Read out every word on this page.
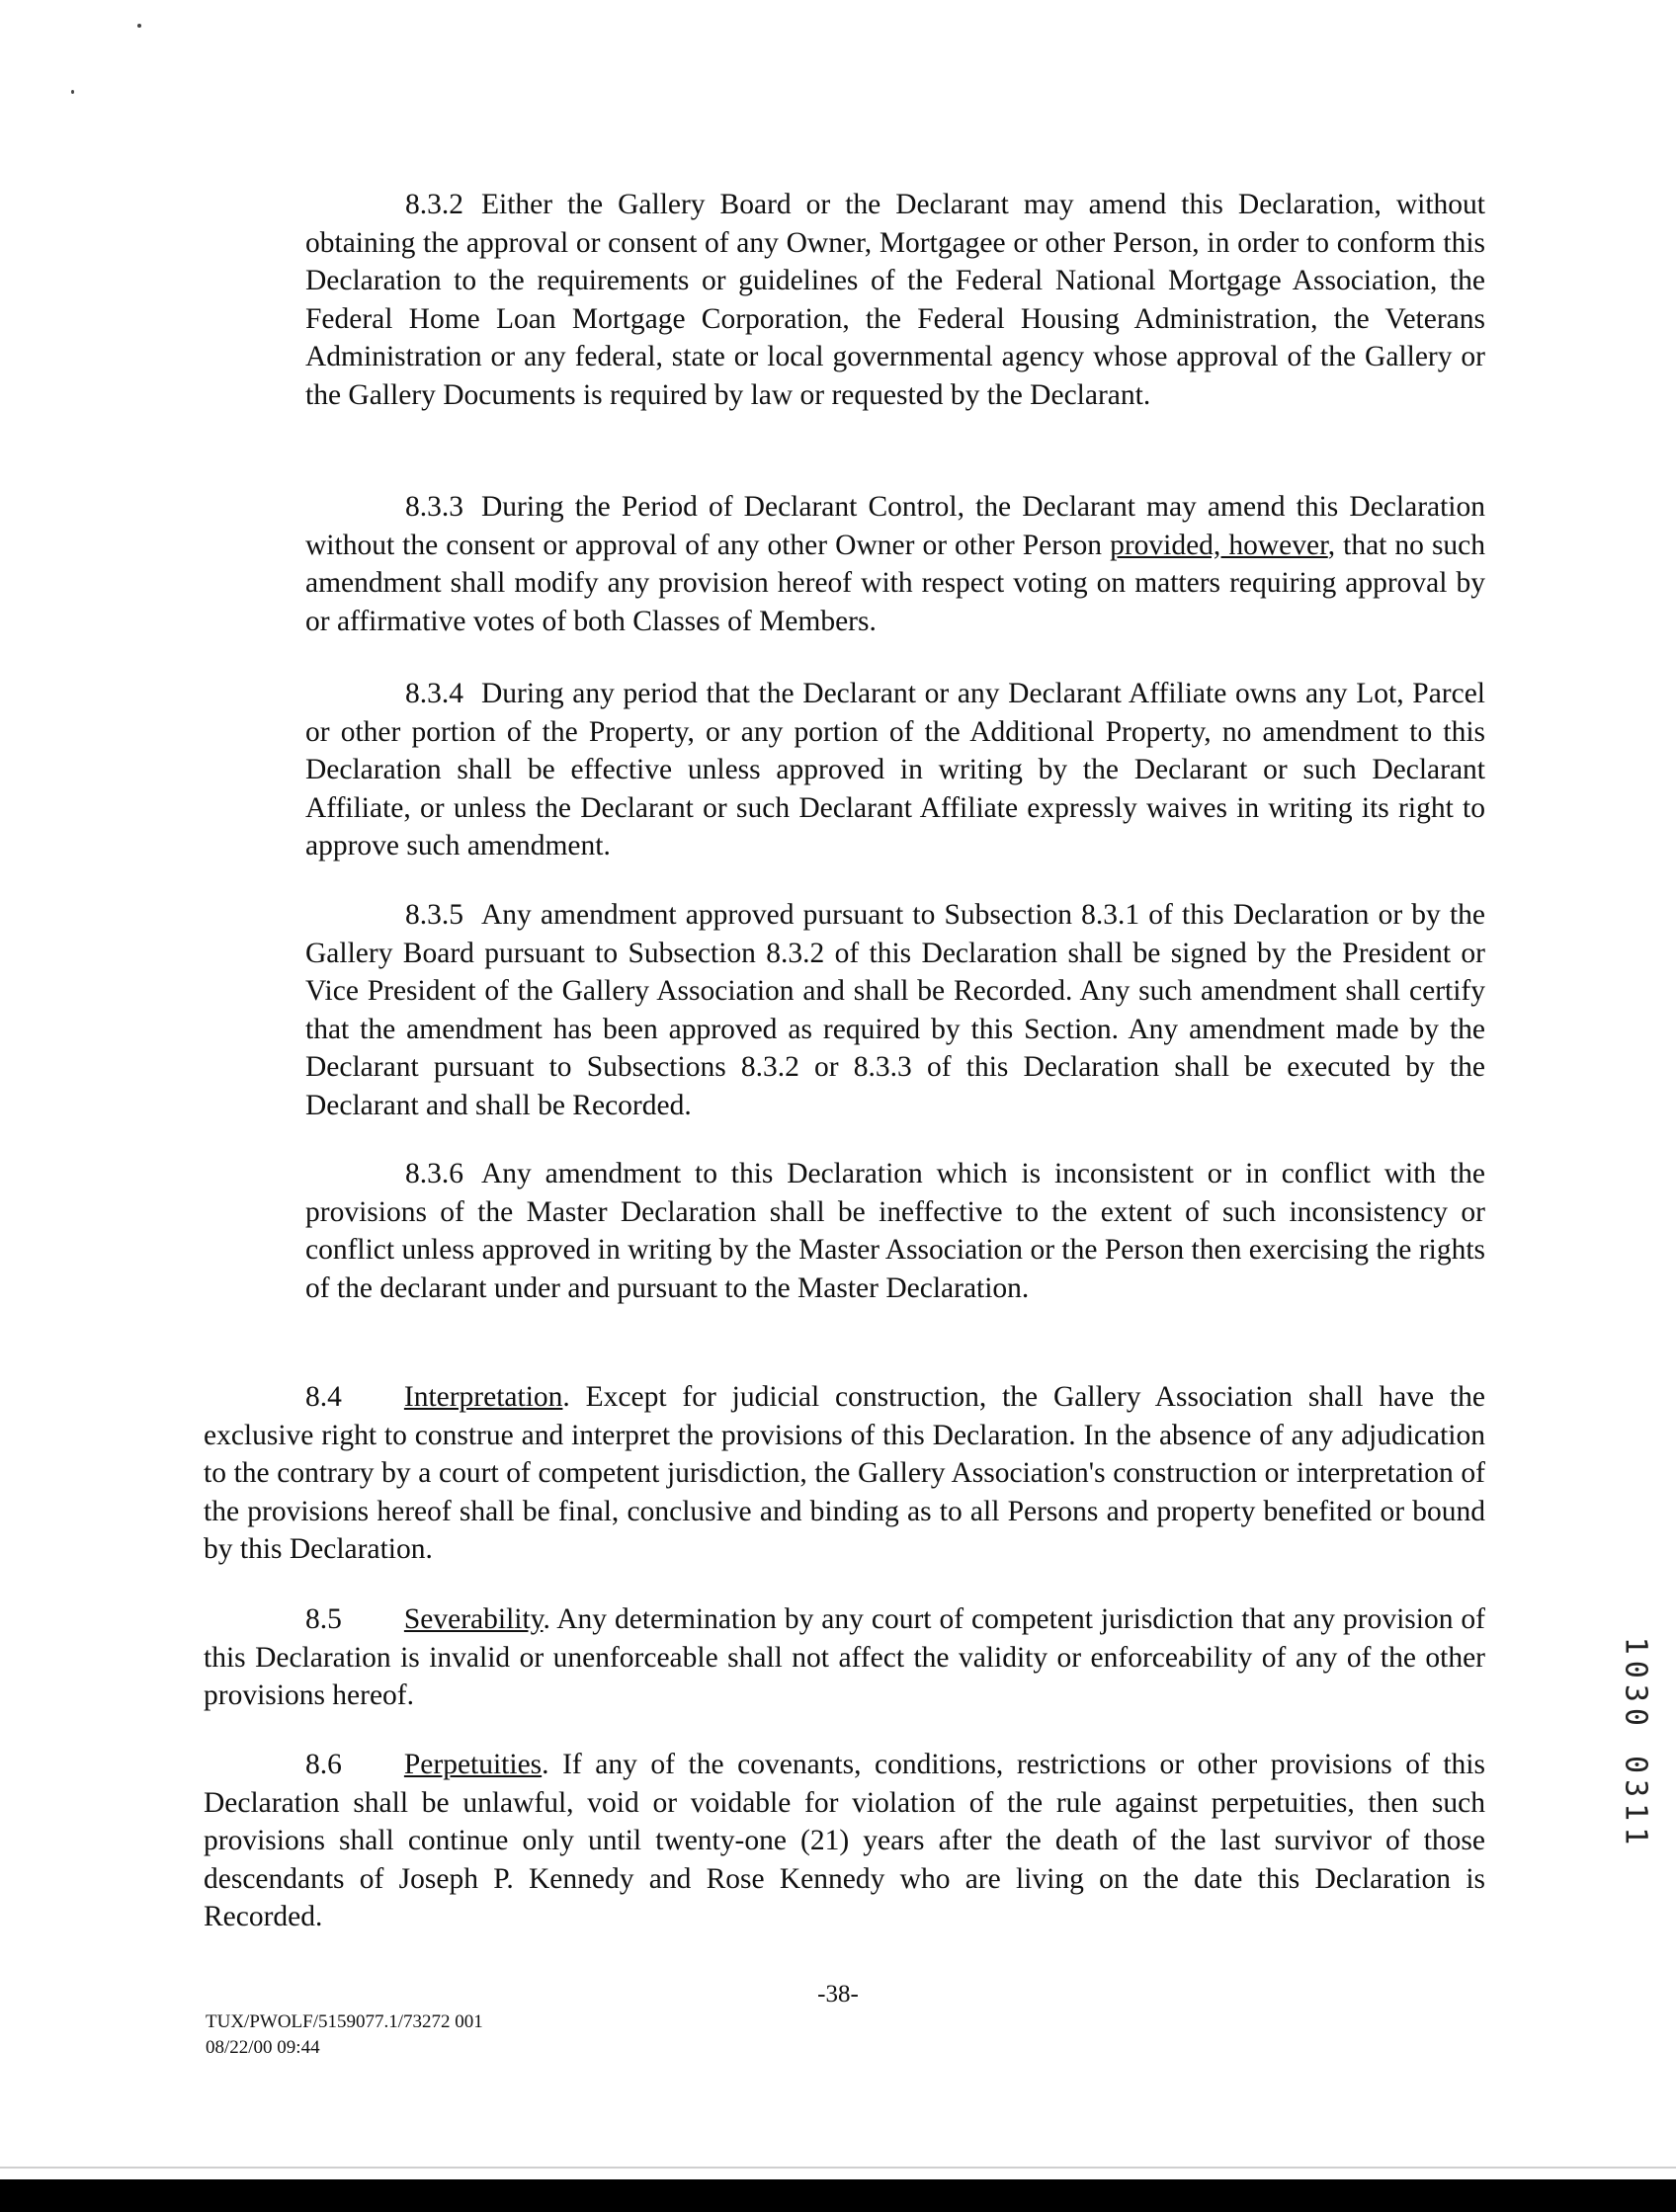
8.3.2 Either the Gallery Board or the Declarant may amend this Declaration, without obtaining the approval or consent of any Owner, Mortgagee or other Person, in order to conform this Declaration to the requirements or guidelines of the Federal National Mortgage Association, the Federal Home Loan Mortgage Corporation, the Federal Housing Administration, the Veterans Administration or any federal, state or local governmental agency whose approval of the Gallery or the Gallery Documents is required by law or requested by the Declarant.

8.3.3 During the Period of Declarant Control, the Declarant may amend this Declaration without the consent or approval of any other Owner or other Person provided, however, that no such amendment shall modify any provision hereof with respect voting on matters requiring approval by or affirmative votes of both Classes of Members.

8.3.4 During any period that the Declarant or any Declarant Affiliate owns any Lot, Parcel or other portion of the Property, or any portion of the Additional Property, no amendment to this Declaration shall be effective unless approved in writing by the Declarant or such Declarant Affiliate, or unless the Declarant or such Declarant Affiliate expressly waives in writing its right to approve such amendment.

8.3.5 Any amendment approved pursuant to Subsection 8.3.1 of this Declaration or by the Gallery Board pursuant to Subsection 8.3.2 of this Declaration shall be signed by the President or Vice President of the Gallery Association and shall be Recorded. Any such amendment shall certify that the amendment has been approved as required by this Section. Any amendment made by the Declarant pursuant to Subsections 8.3.2 or 8.3.3 of this Declaration shall be executed by the Declarant and shall be Recorded.

8.3.6 Any amendment to this Declaration which is inconsistent or in conflict with the provisions of the Master Declaration shall be ineffective to the extent of such inconsistency or conflict unless approved in writing by the Master Association or the Person then exercising the rights of the declarant under and pursuant to the Master Declaration.

8.4 Interpretation. Except for judicial construction, the Gallery Association shall have the exclusive right to construe and interpret the provisions of this Declaration. In the absence of any adjudication to the contrary by a court of competent jurisdiction, the Gallery Association's construction or interpretation of the provisions hereof shall be final, conclusive and binding as to all Persons and property benefited or bound by this Declaration.

8.5 Severability. Any determination by any court of competent jurisdiction that any provision of this Declaration is invalid or unenforceable shall not affect the validity or enforceability of any of the other provisions hereof.

8.6 Perpetuities. If any of the covenants, conditions, restrictions or other provisions of this Declaration shall be unlawful, void or voidable for violation of the rule against perpetuities, then such provisions shall continue only until twenty-one (21) years after the death of the last survivor of those descendants of Joseph P. Kennedy and Rose Kennedy who are living on the date this Declaration is Recorded.

-38-
TUX/PWOLF/5159077.1/73272 001
08/22/00 09:44
1030 0311
